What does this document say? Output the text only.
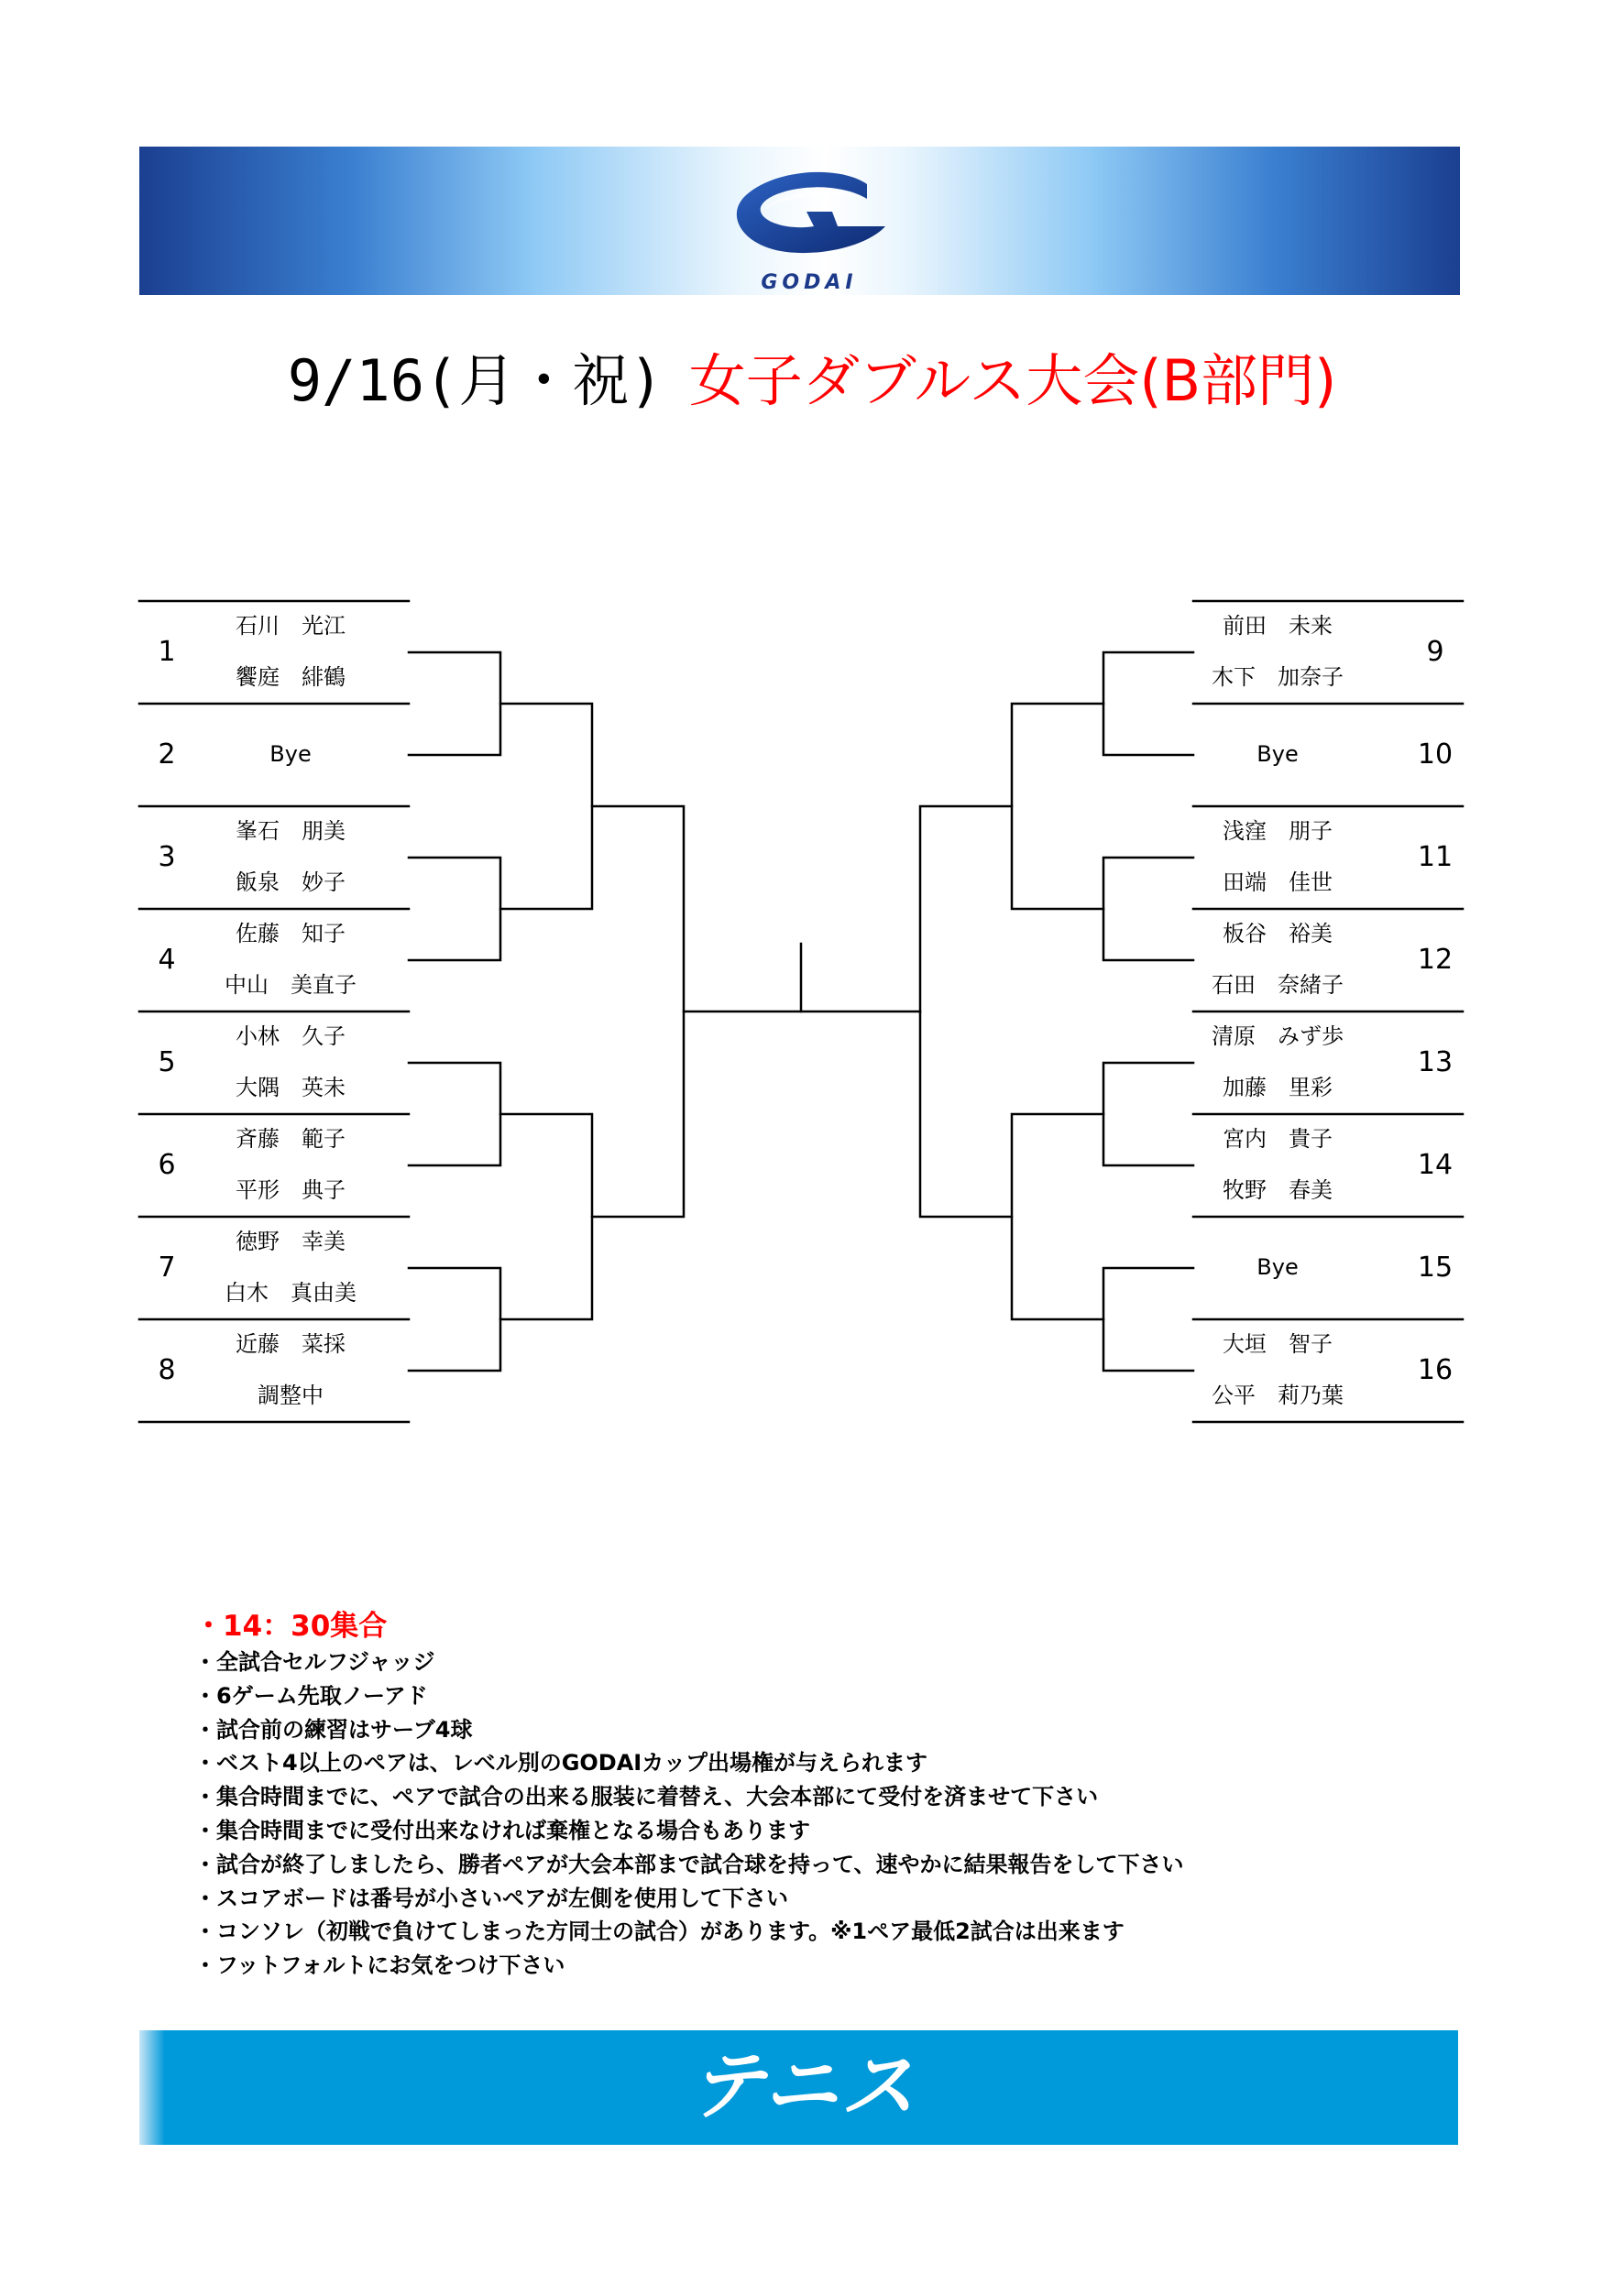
GODAI
9/16(月・祝) 女子ダブルス大会(B部門)
1
石川　光江
饗庭　緋鶴
2	Bye
3
峯石　朋美
飯泉　妙子
4
佐藤　知子
中山　美直子
5
小林　久子
大隅　英未
6
斉藤　範子
平形　典子
7
徳野　幸美
白木　真由美
8
近藤　菜採
調整中
前田　未来
木下　加奈子
9
Bye	10
浅窪　朋子
田端　佳世
11
板谷　裕美
石田　奈緒子
12
清原　みず歩
加藤　里彩
13
宮内　貴子
牧野　春美
14
Bye	15
大垣　智子
公平　莉乃葉
16
・14：30集合
・全試合セルフジャッジ
・6ゲーム先取ノーアド
・試合前の練習はサーブ4球
・ベスト4以上のペアは、レベル別のGODAIカップ出場権が与えられます
・集合時間までに、ペアで試合の出来る服装に着替え、大会本部にて受付を済ませて下さい
・集合時間までに受付出来なければ棄権となる場合もあります
・試合が終了しましたら、勝者ペアが大会本部まで試合球を持って、速やかに結果報告をして下さい
・スコアボードは番号が小さいペアが左側を使用して下さい
・コンソレ（初戦で負けてしまった方同士の試合）があります。※1ペア最低2試合は出来ます
・フットフォルトにお気をつけ下さい
テニス
